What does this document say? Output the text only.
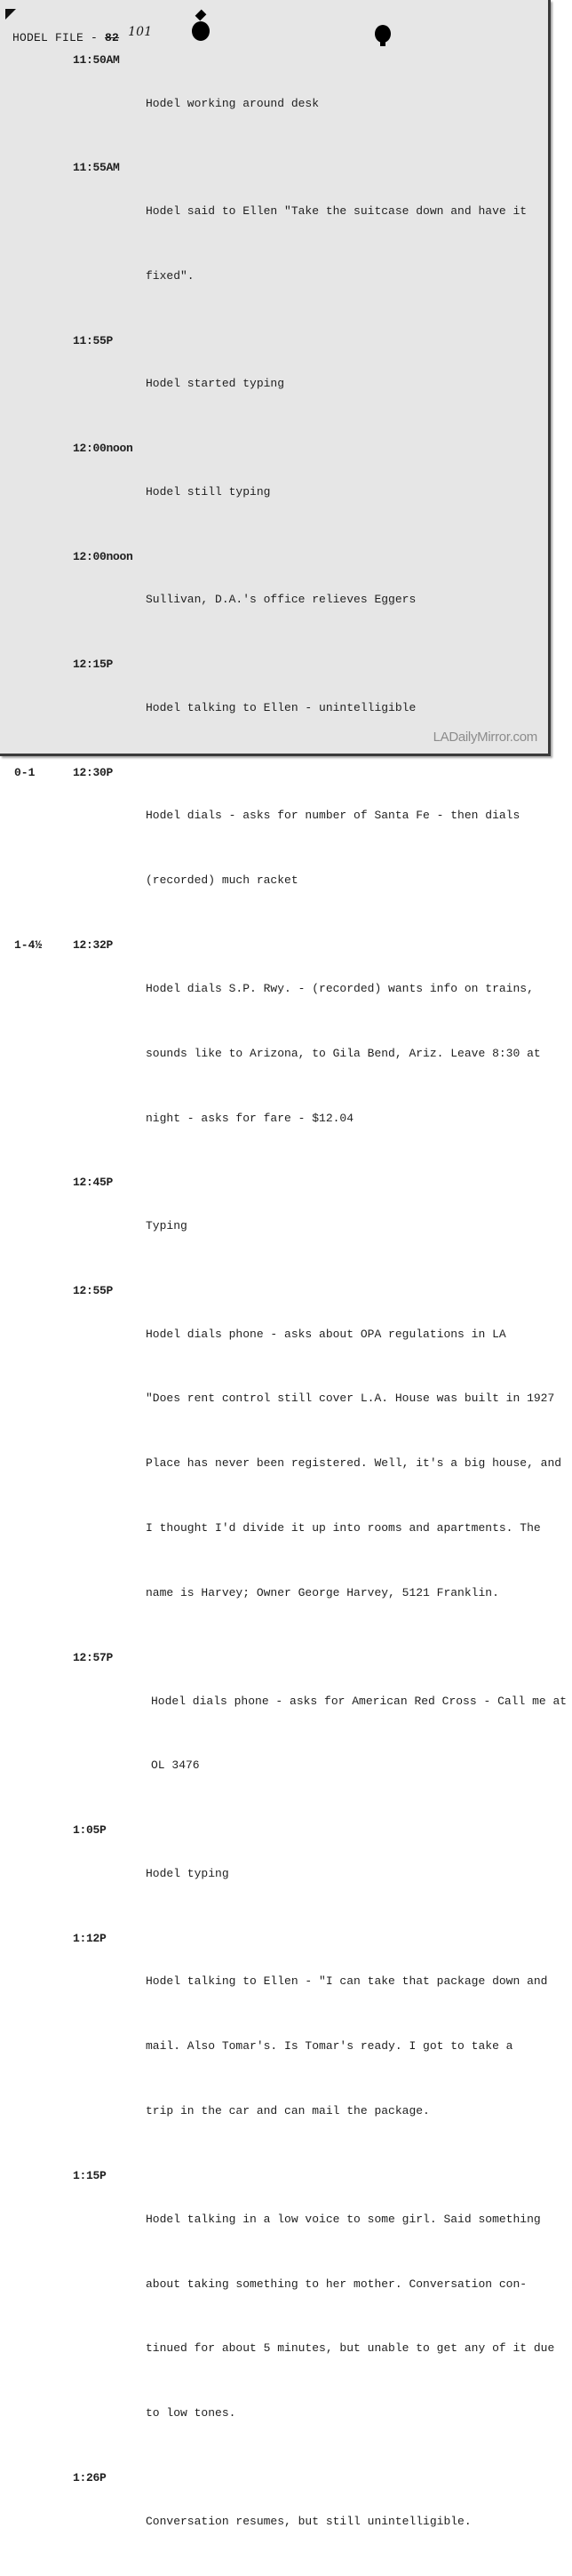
HODEL FILE - 82 101
11:50AM

Hodel working around desk

11:55AM

Hodel said to Ellen "Take the suitcase down and have it

fixed".

11:55P

Hodel started typing

12:00noon

Hodel still typing

12:00noon

Sullivan, D.A.'s office relieves Eggers

12:15P

Hodel talking to Ellen - unintelligible

0-1	12:30P

Hodel dials - asks for number of Santa Fe - then dials

(recorded) much racket

1-4½	12:32P

Hodel dials S.P. Rwy. - (recorded) wants info on trains,

sounds like to Arizona, to Gila Bend, Ariz. Leave 8:30 at

night - asks for fare - $12.04

12:45P

Typing

12:55P

Hodel dials phone - asks about OPA regulations in LA

"Does rent control still cover L.A. House was built in 1927

Place has never been registered. Well, it's a big house, and

I thought I'd divide it up into rooms and apartments. The

name is Harvey; Owner George Harvey, 5121 Franklin.

12:57P

Hodel dials phone - asks for American Red Cross - Call me at

OL 3476

1:05P

Hodel typing

1:12P

Hodel talking to Ellen - "I can take that package down and

mail. Also Tomar's. Is Tomar's ready. I got to take a

trip in the car and can mail the package.

1:15P

Hodel talking in a low voice to some girl. Said something

about taking something to her mother. Conversation con-

tinued for about 5 minutes, but unable to get any of it due

to low tones.

1:26P

Conversation resumes, but still unintelligible.

LADailyMirror.com
